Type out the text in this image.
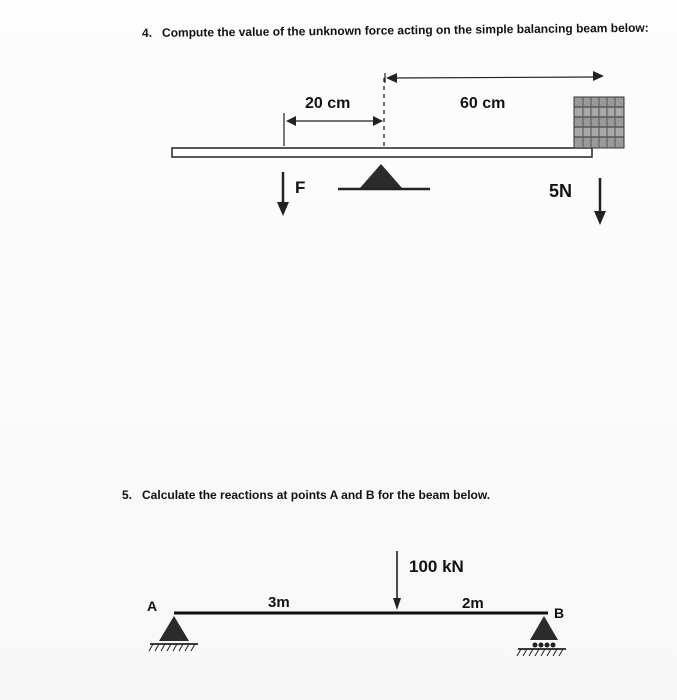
4. Compute the value of the unknown force acting on the simple balancing beam below:
20 cm	60 cm
F	5N
A	B
100 kN
3m	2m
5. Calculate the reactions at points A and B for the beam below.
